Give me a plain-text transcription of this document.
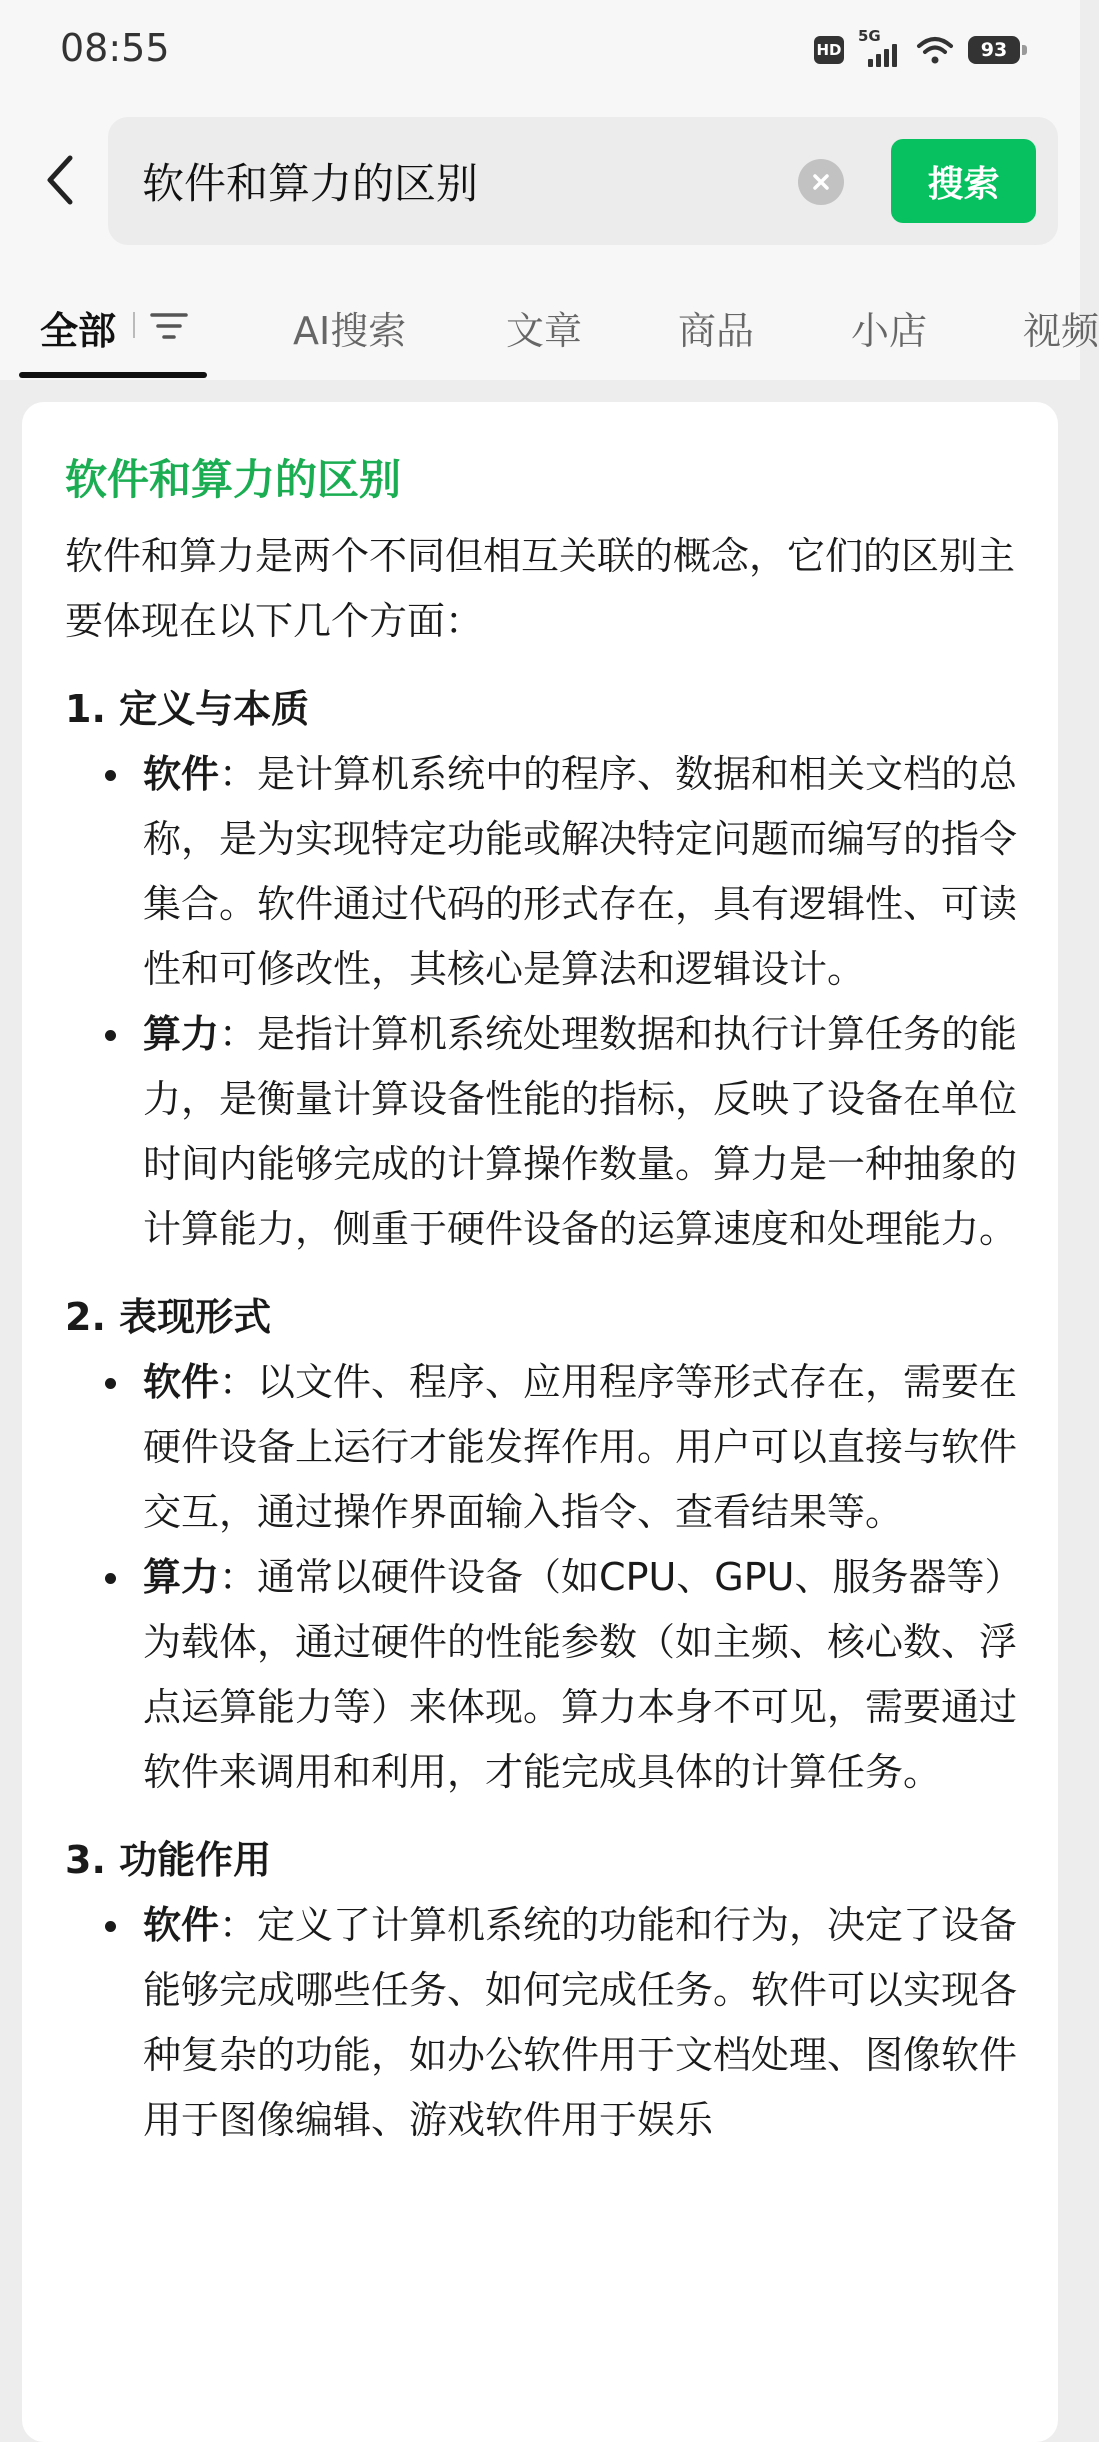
08:55	HD
5G
93
软件和算力的区别	搜索
全部	AI搜索	文章	商品	小店	视频
软件和算力的区别

软件和算力是两个不同但相互关联的概念，它们的区别主要体现在以下几个方面：

1. 定义与本质
软件：是计算机系统中的程序、数据和相关文档的总称，是为实现特定功能或解决特定问题而编写的指令集合。软件通过代码的形式存在，具有逻辑性、可读性和可修改性，其核心是算法和逻辑设计。
算力：是指计算机系统处理数据和执行计算任务的能力，是衡量计算设备性能的指标，反映了设备在单位时间内能够完成的计算操作数量。算力是一种抽象的计算能力，侧重于硬件设备的运算速度和处理能力。
2. 表现形式
软件：以文件、程序、应用程序等形式存在，需要在硬件设备上运行才能发挥作用。用户可以直接与软件交互，通过操作界面输入指令、查看结果等。
算力：通常以硬件设备（如CPU、GPU、服务器等）为载体，通过硬件的性能参数（如主频、核心数、浮点运算能力等）来体现。算力本身不可见，需要通过软件来调用和利用，才能完成具体的计算任务。
3. 功能作用
软件：定义了计算机系统的功能和行为，决定了设备能够完成哪些任务、如何完成任务。软件可以实现各种复杂的功能，如办公软件用于文档处理、图像软件用于图像编辑、游戏软件用于娱乐
